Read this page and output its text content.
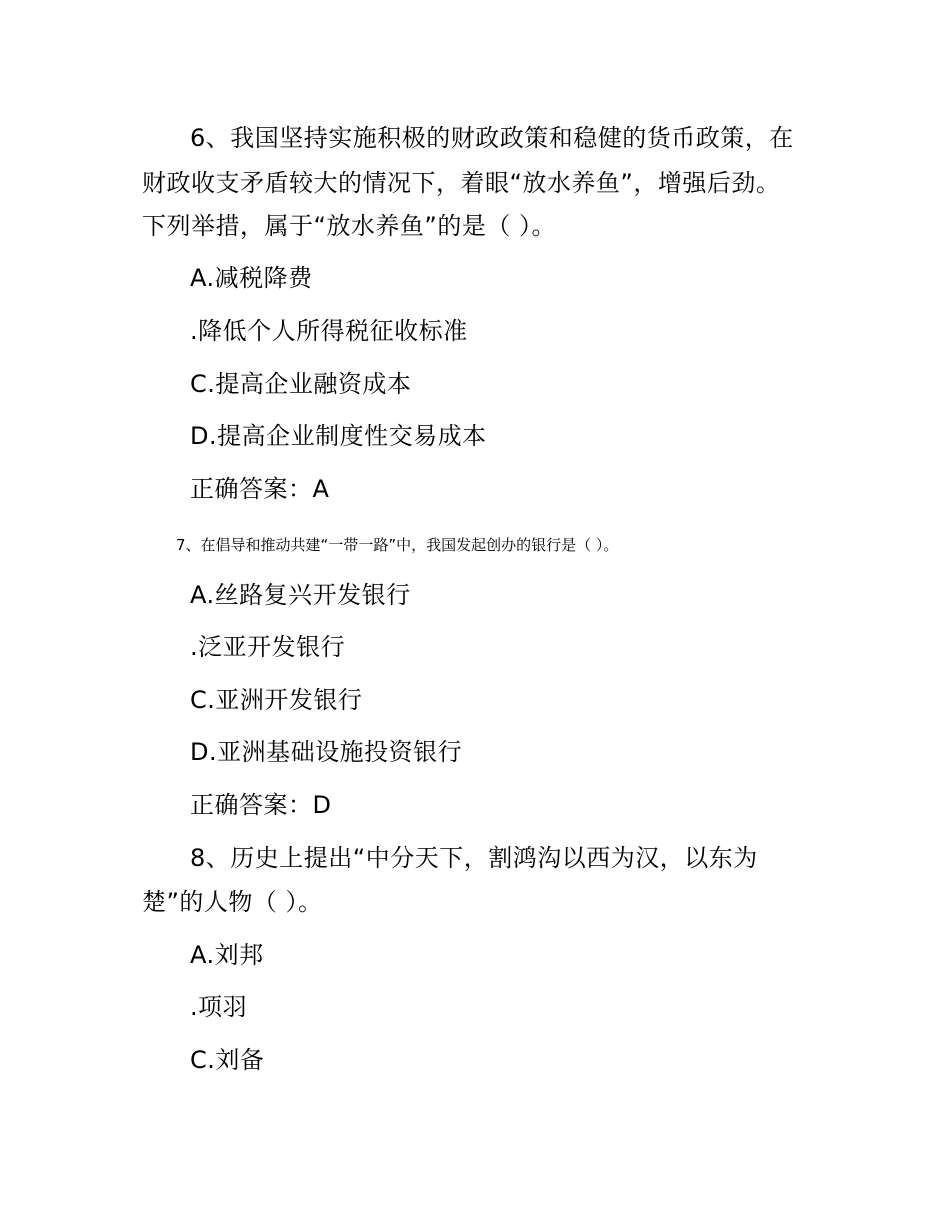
6、我国坚持实施积极的财政政策和稳健的货币政策，在
财政收支矛盾较大的情况下，着眼“放水养鱼”，增强后劲。
下列举措，属于“放水养鱼”的是（ ）。
A.减税降费
.降低个人所得税征收标准
C.提高企业融资成本
D.提高企业制度性交易成本
正确答案：A
7、在倡导和推动共建“一带一路”中，我国发起创办的银行是（ ）。
A.丝路复兴开发银行
.泛亚开发银行
C.亚洲开发银行
D.亚洲基础设施投资银行
正确答案：D
8、历史上提出“中分天下，割鸿沟以西为汉，以东为
楚”的人物（ ）。
A.刘邦
.项羽
C.刘备
